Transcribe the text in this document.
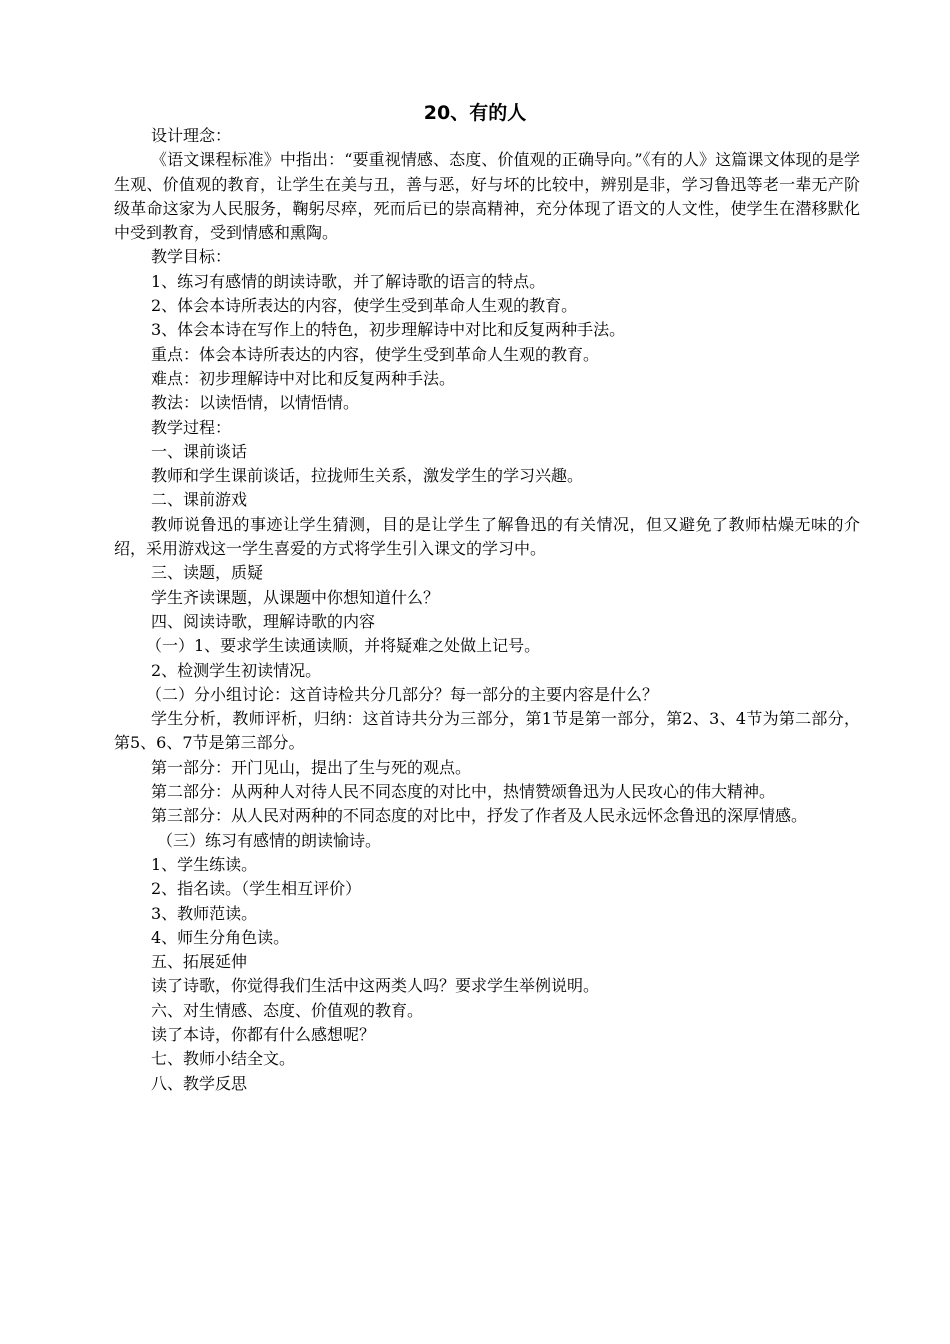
20、有的人

设计理念：

《语文课程标准》中指出：“要重视情感、态度、价值观的正确导向。”《有的人》这篇课文体现的是学生观、价值观的教育，让学生在美与丑，善与恶，好与坏的比较中，辨别是非，学习鲁迅等老一辈无产阶级革命这家为人民服务，鞠躬尽瘁，死而后已的崇高精神，充分体现了语文的人文性，使学生在潜移默化中受到教育，受到情感和熏陶。

教学目标：

1、练习有感情的朗读诗歌，并了解诗歌的语言的特点。

2、体会本诗所表达的内容，使学生受到革命人生观的教育。

3、体会本诗在写作上的特色，初步理解诗中对比和反复两种手法。

重点：体会本诗所表达的内容，使学生受到革命人生观的教育。

难点：初步理解诗中对比和反复两种手法。

教法：以读悟情，以情悟情。

教学过程：

一、课前谈话

教师和学生课前谈话，拉拢师生关系，激发学生的学习兴趣。

二、课前游戏

教师说鲁迅的事迹让学生猜测，目的是让学生了解鲁迅的有关情况，但又避免了教师枯燥无味的介绍，采用游戏这一学生喜爱的方式将学生引入课文的学习中。

三、读题，质疑

学生齐读课题，从课题中你想知道什么？

四、阅读诗歌，理解诗歌的内容

（一）1、要求学生读通读顺，并将疑难之处做上记号。

2、检测学生初读情况。

（二）分小组讨论：这首诗检共分几部分？每一部分的主要内容是什么？

学生分析，教师评析，归纳：这首诗共分为三部分，第1节是第一部分，第2、3、4节为第二部分，第5、6、7节是第三部分。

第一部分：开门见山，提出了生与死的观点。

第二部分：从两种人对待人民不同态度的对比中，热情赞颂鲁迅为人民攻心的伟大精神。

第三部分：从人民对两种的不同态度的对比中，抒发了作者及人民永远怀念鲁迅的深厚情感。

（三）练习有感情的朗读愉诗。

1、学生练读。

2、指名读。（学生相互评价）

3、教师范读。

4、师生分角色读。

五、拓展延伸

读了诗歌，你觉得我们生活中这两类人吗？要求学生举例说明。

六、对生情感、态度、价值观的教育。

读了本诗，你都有什么感想呢？

七、教师小结全文。

八、教学反思
